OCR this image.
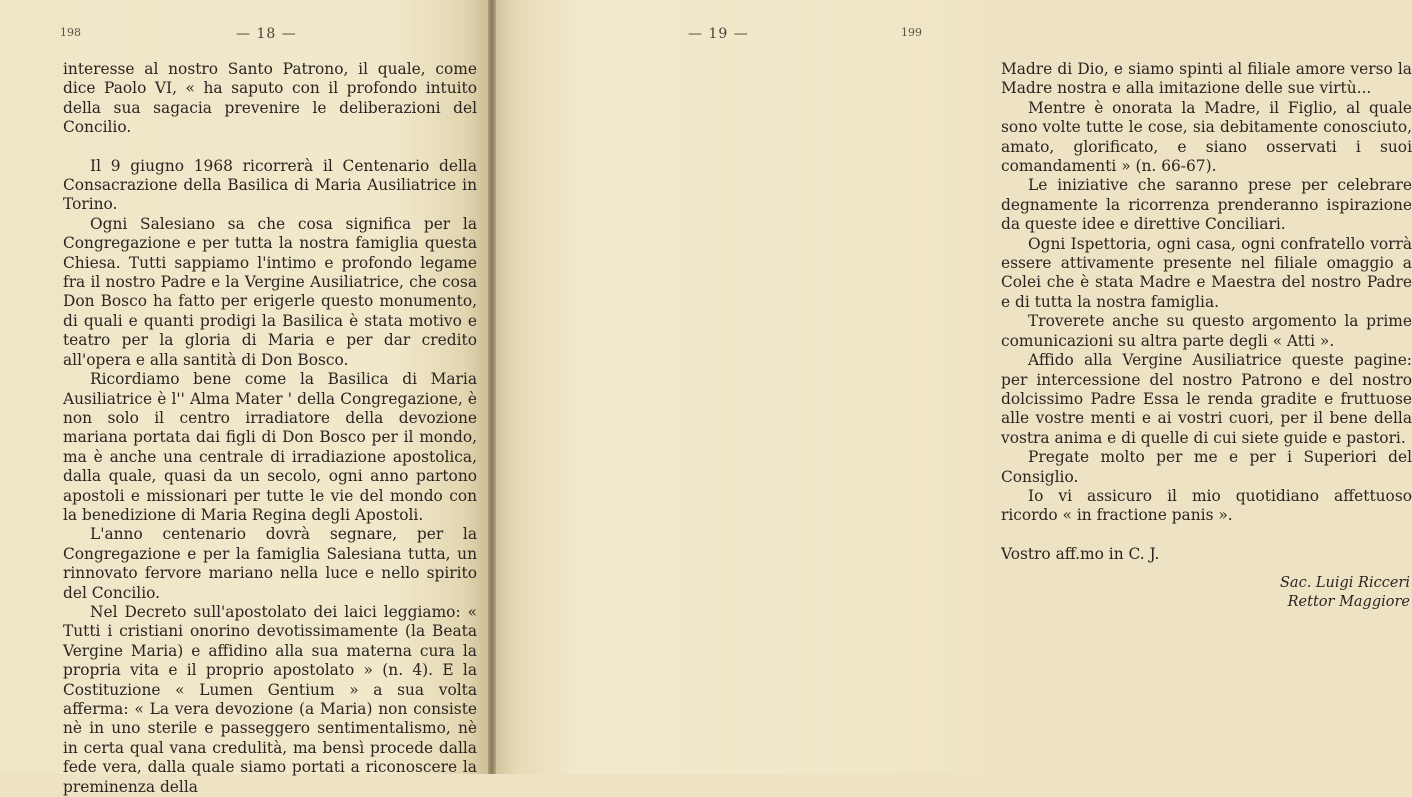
198	— 18 —

interesse al nostro Santo Patrono, il quale, come dice Paolo VI, « ha saputo con il profondo intuito della sua sagacia prevenire le deliberazioni del Concilio.

Il 9 giugno 1968 ricorrerà il Centenario della Consacrazione della Basilica di Maria Ausiliatrice in Torino.

Ogni Salesiano sa che cosa significa per la Congregazione e per tutta la nostra famiglia questa Chiesa. Tutti sappiamo l'intimo e profondo legame fra il nostro Padre e la Vergine Ausiliatrice, che cosa Don Bosco ha fatto per erigerle questo monumento, di quali e quanti prodigi la Basilica è stata motivo e teatro per la gloria di Maria e per dar credito all'opera e alla santità di Don Bosco.

Ricordiamo bene come la Basilica di Maria Ausiliatrice è l'' Alma Mater ' della Congregazione, è non solo il centro irradiatore della devozione mariana portata dai figli di Don Bosco per il mondo, ma è anche una centrale di irradiazione apostolica, dalla quale, quasi da un secolo, ogni anno partono apostoli e missionari per tutte le vie del mondo con la benedizione di Maria Regina degli Apostoli.

L'anno centenario dovrà segnare, per la Congregazione e per la famiglia Salesiana tutta, un rinnovato fervore mariano nella luce e nello spirito del Concilio.

Nel Decreto sull'apostolato dei laici leggiamo: « Tutti i cristiani onorino devotissimamente (la Beata Vergine Maria) e affidino alla sua materna cura la propria vita e il proprio apostolato » (n. 4). E la Costituzione « Lumen Gentium » a sua volta afferma: « La vera devozione (a Maria) non consiste nè in uno sterile e passeggero sentimentalismo, nè in certa qual vana credulità, ma bensì procede dalla fede vera, dalla quale siamo portati a riconoscere la preminenza della

199

Madre di Dio, e siamo spinti al filiale amore verso la Madre nostra e alla imitazione delle sue virtù...

Mentre è onorata la Madre, il Figlio, al quale sono volte tutte le cose, sia debitamente conosciuto, amato, glorificato, e siano osservati i suoi comandamenti » (n. 66-67).

Le iniziative che saranno prese per celebrare degnamente la ricorrenza prenderanno ispirazione da queste idee e direttive Conciliari.

Ogni Ispettoria, ogni casa, ogni confratello vorrà essere attivamente presente nel filiale omaggio a Colei che è stata Madre e Maestra del nostro Padre e di tutta la nostra famiglia.

Troverete anche su questo argomento la prime comunicazioni su altra parte degli « Atti ».

Affido alla Vergine Ausiliatrice queste pagine: per intercessione del nostro Patrono e del nostro dolcissimo Padre Essa le renda gradite e fruttuose alle vostre menti e ai vostri cuori, per il bene della vostra anima e di quelle di cui siete guide e pastori.

Pregate molto per me e per i Superiori del Consiglio.

Io vi assicuro il mio quotidiano affettuoso ricordo « in fractione panis ».

Vostro aff.mo in C. J.

Sac. Luigi Ricceri
Rettor Maggiore
— 19 —
